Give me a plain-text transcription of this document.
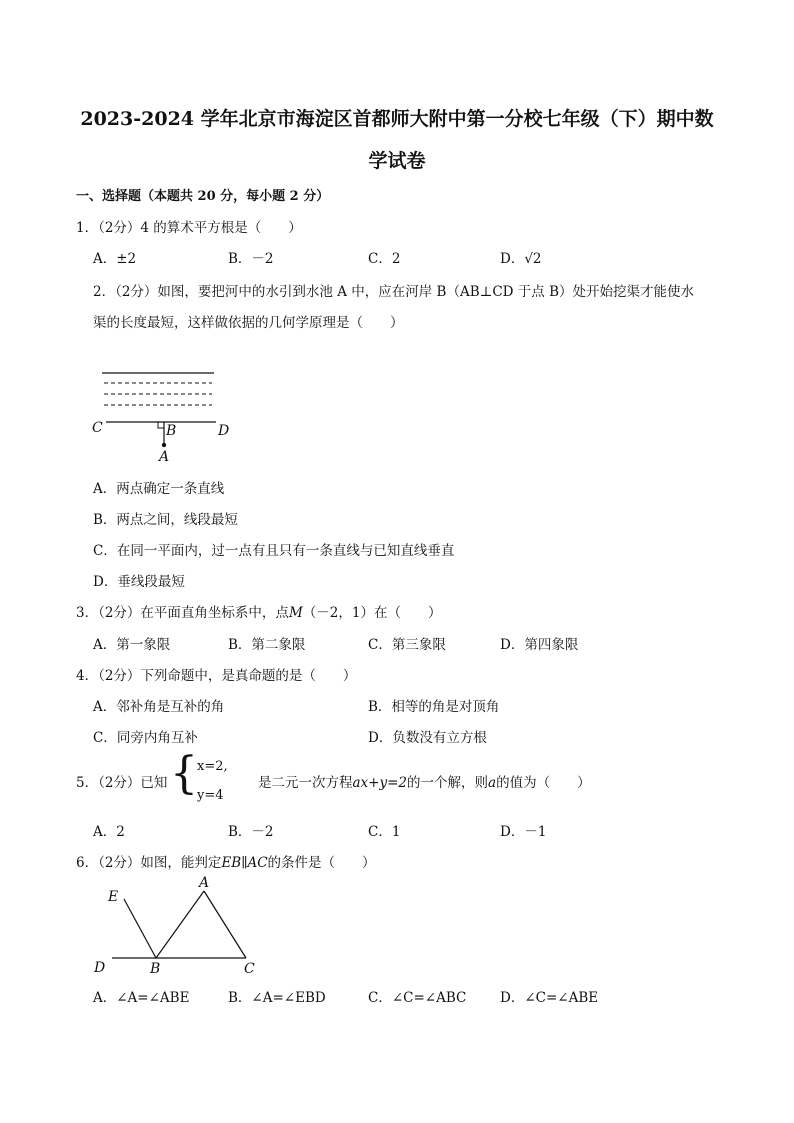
2023-2024 学年北京市海淀区首都师大附中第一分校七年级（下）期中数
学试卷
一、选择题（本题共 20 分，每小题 2 分）
1．（2分）4 的算术平方根是（　　）
A．±2	B．－2	C．2	D．√2
2．（2分）如图，要把河中的水引到水池 A 中，应在河岸 B（AB⊥CD 于点 B）处开始挖渠才能使水
渠的长度最短，这样做依据的几何学原理是（　　）
C	B	D
A
A．两点确定一条直线
B．两点之间，线段最短
C．在同一平面内，过一点有且只有一条直线与已知直线垂直
D．垂线段最短
3．（2分）在平面直角坐标系中，点M（－2，1）在（　　）
A．第一象限	B．第二象限	C．第三象限	D．第四象限
4．（2分）下列命题中，是真命题的是（　　）
A．邻补角是互补的角	B．相等的角是对顶角
C．同旁内角互补	D．负数没有立方根
5．（2分）已知 { x=2,
y=4
是二元一次方程ax+y=2的一个解，则a的值为（　　）
A．2	B．－2	C．1	D．－1
6．（2分）如图，能判定EB∥AC的条件是（　　）
E
A
D	B	C
A．∠A=∠ABE	B．∠A=∠EBD	C．∠C=∠ABC D．∠C=∠ABE
